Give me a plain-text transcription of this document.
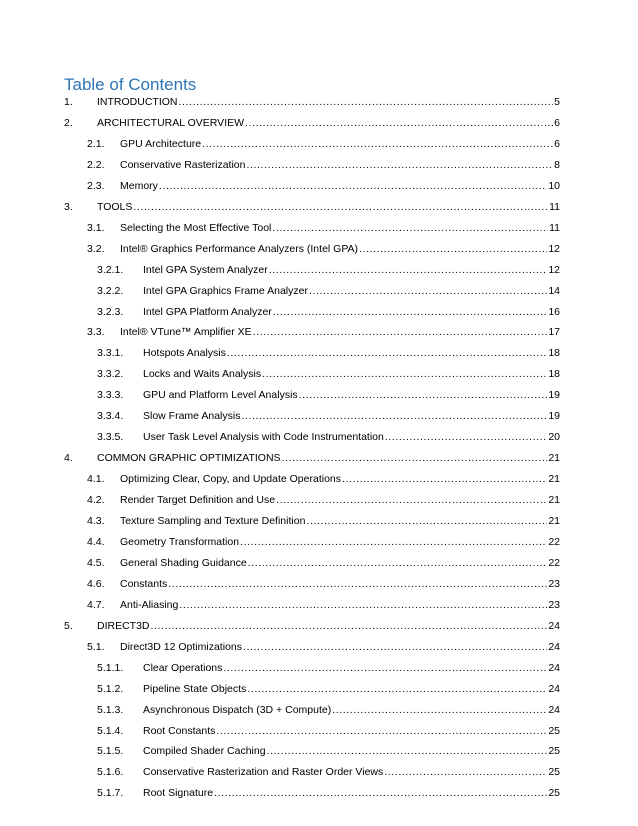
Table of Contents
1.	INTRODUCTION .....	5
2.	ARCHITECTURAL OVERVIEW .....	6
2.1.	GPU Architecture .....	6
2.2.	Conservative Rasterization .....	8
2.3.	Memory .....	10
3.	TOOLS .....	11
3.1.	Selecting the Most Effective Tool .....	11
3.2.	Intel® Graphics Performance Analyzers (Intel GPA) .....	12
3.2.1.	Intel GPA System Analyzer .....	12
3.2.2.	Intel GPA Graphics Frame Analyzer .....	14
3.2.3.	Intel GPA Platform Analyzer .....	16
3.3.	Intel® VTune™ Amplifier XE .....	17
3.3.1.	Hotspots Analysis .....	18
3.3.2.	Locks and Waits Analysis .....	18
3.3.3.	GPU and Platform Level Analysis .....	19
3.3.4.	Slow Frame Analysis .....	19
3.3.5.	User Task Level Analysis with Code Instrumentation .....	20
4.	COMMON GRAPHIC OPTIMIZATIONS .....	21
4.1.	Optimizing Clear, Copy, and Update Operations .....	21
4.2.	Render Target Definition and Use .....	21
4.3.	Texture Sampling and Texture Definition .....	21
4.4.	Geometry Transformation .....	22
4.5.	General Shading Guidance .....	22
4.6.	Constants .....	23
4.7.	Anti-Aliasing .....	23
5.	DIRECT3D .....	24
5.1.	Direct3D 12 Optimizations .....	24
5.1.1.	Clear Operations .....	24
5.1.2.	Pipeline State Objects .....	24
5.1.3.	Asynchronous Dispatch (3D + Compute) .....	24
5.1.4.	Root Constants .....	25
5.1.5.	Compiled Shader Caching .....	25
5.1.6.	Conservative Rasterization and Raster Order Views .....	25
5.1.7.	Root Signature .....	25
